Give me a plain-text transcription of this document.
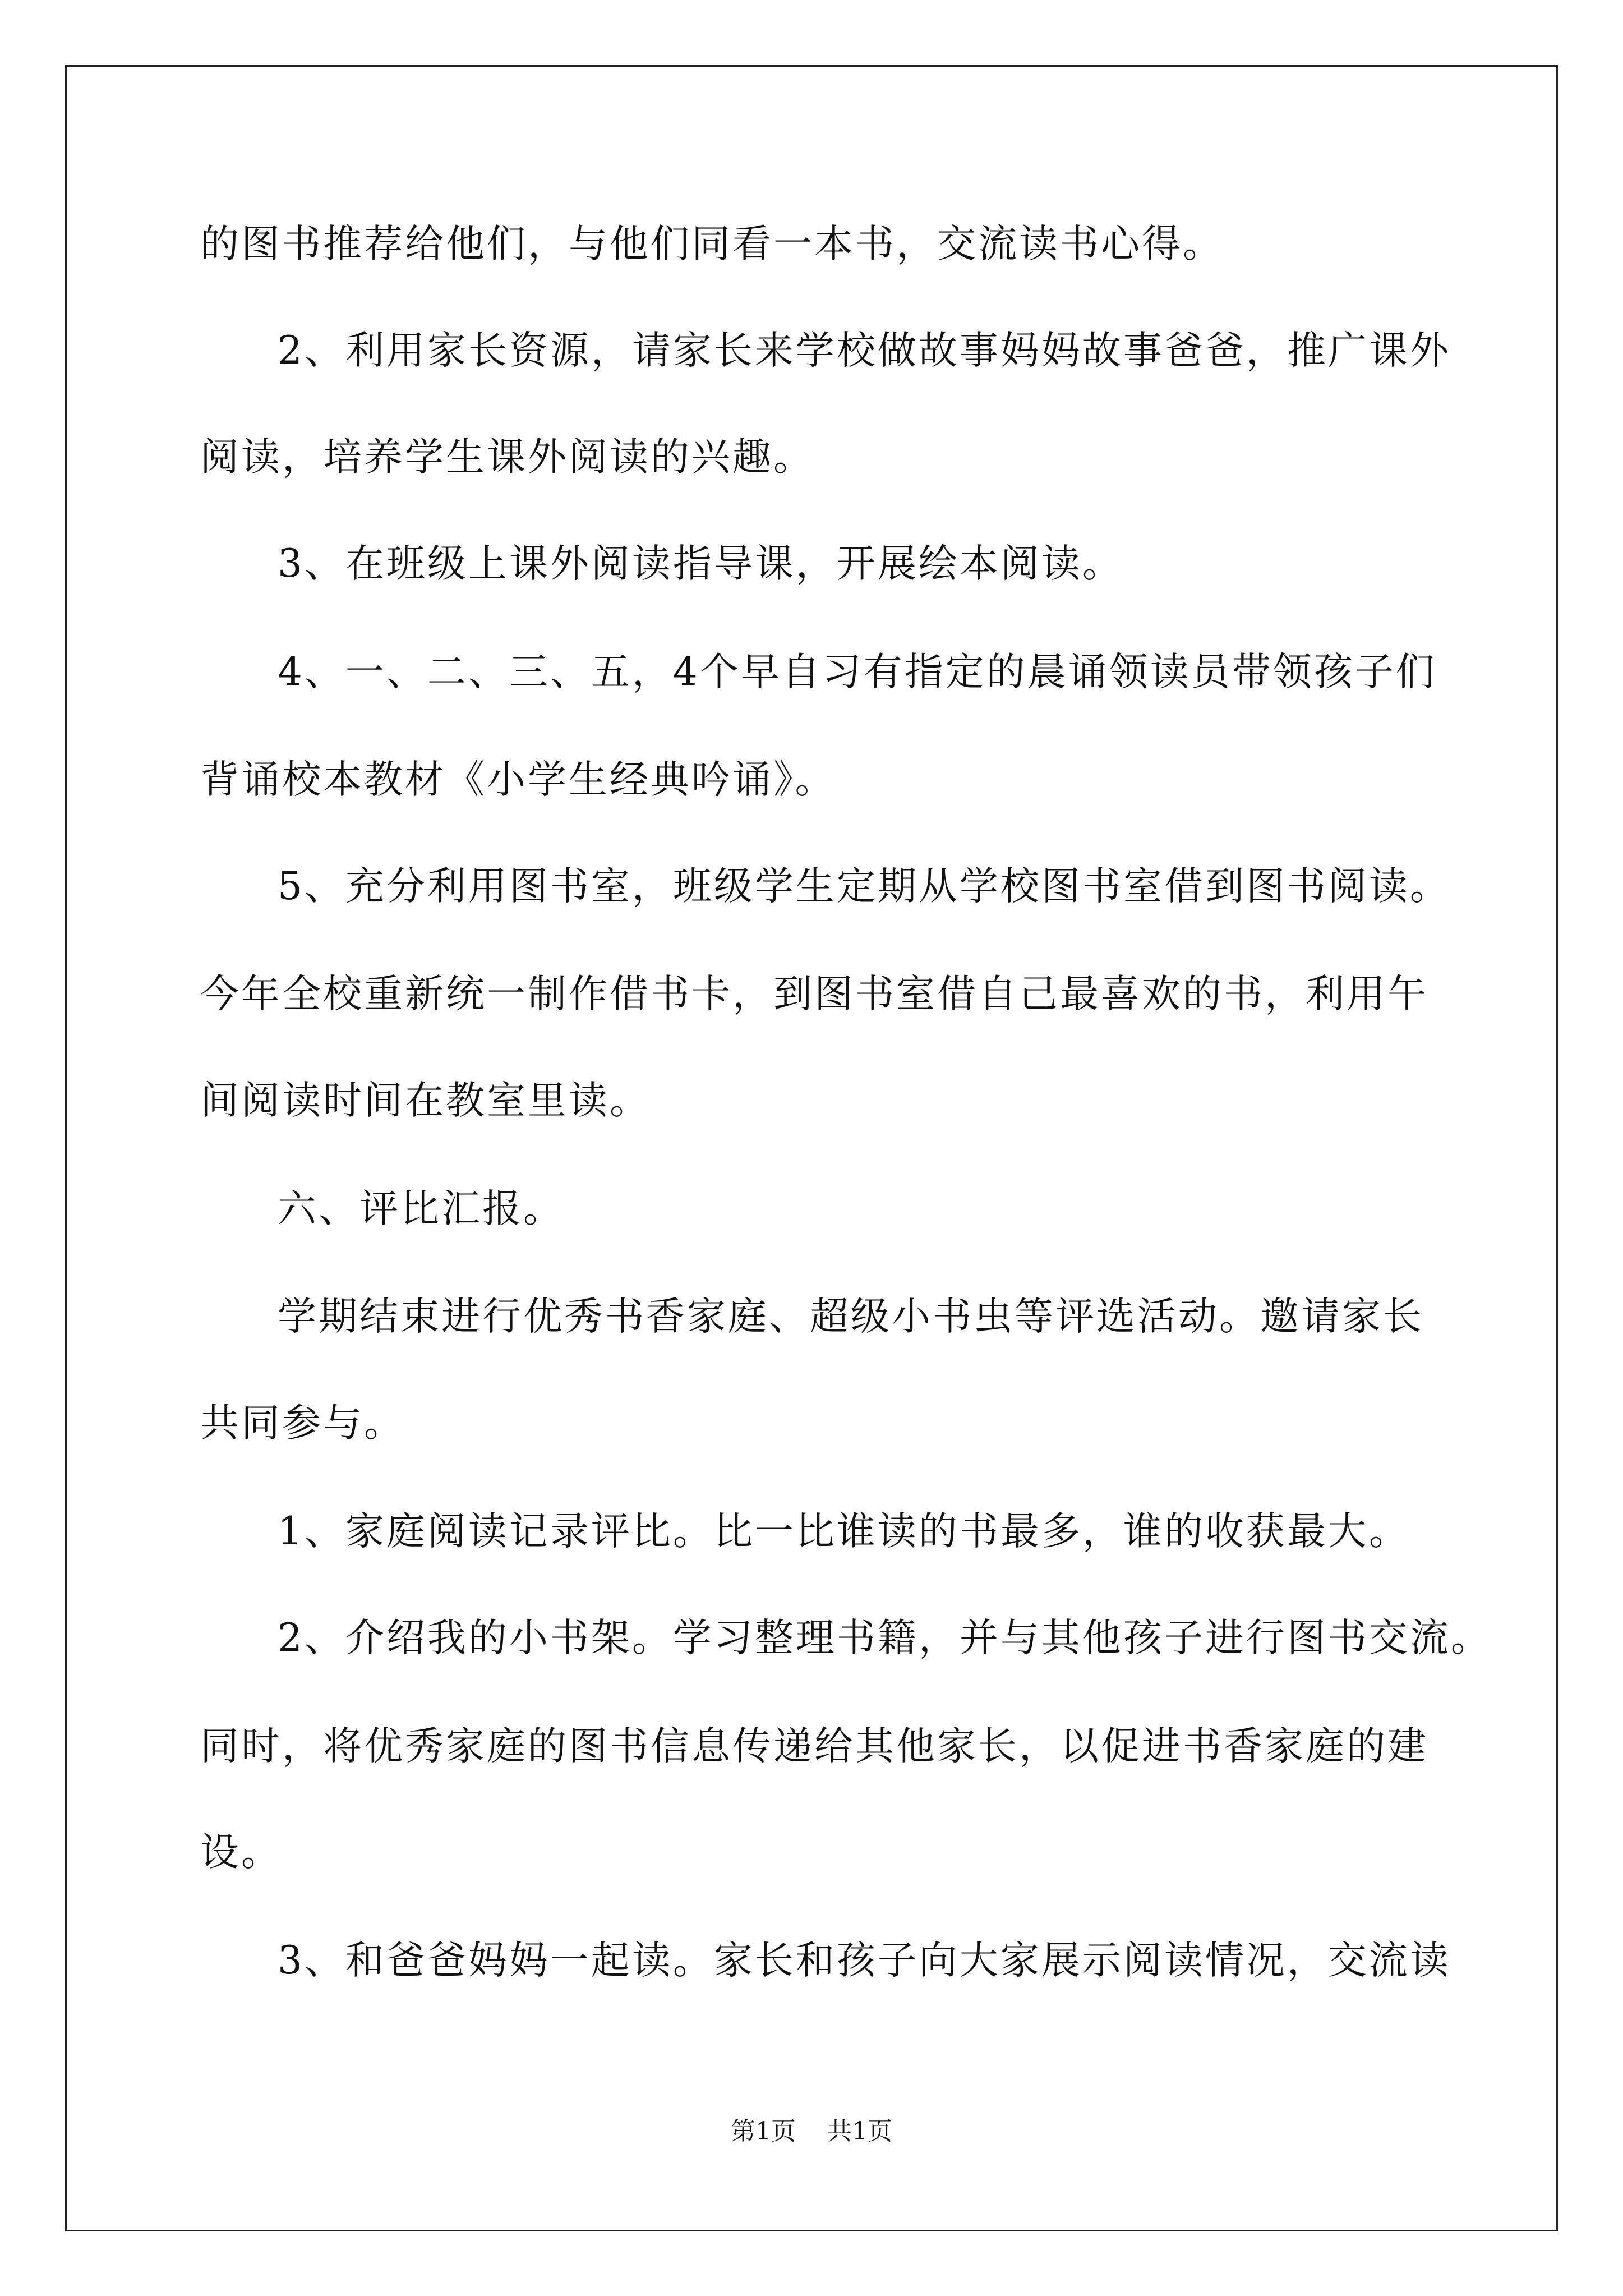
的图书推荐给他们，与他们同看一本书，交流读书心得。
2、利用家长资源，请家长来学校做故事妈妈故事爸爸，推广课外
阅读，培养学生课外阅读的兴趣。
3、在班级上课外阅读指导课，开展绘本阅读。
4、一、二、三、五，4个早自习有指定的晨诵领读员带领孩子们
背诵校本教材《小学生经典吟诵》。
5、充分利用图书室，班级学生定期从学校图书室借到图书阅读。
今年全校重新统一制作借书卡，到图书室借自己最喜欢的书，利用午
间阅读时间在教室里读。
六、评比汇报。
学期结束进行优秀书香家庭、超级小书虫等评选活动。邀请家长
共同参与。
1、家庭阅读记录评比。比一比谁读的书最多，谁的收获最大。
2、介绍我的小书架。学习整理书籍，并与其他孩子进行图书交流。
同时，将优秀家庭的图书信息传递给其他家长，以促进书香家庭的建
设。
3、和爸爸妈妈一起读。家长和孩子向大家展示阅读情况，交流读
第1页 共1页
